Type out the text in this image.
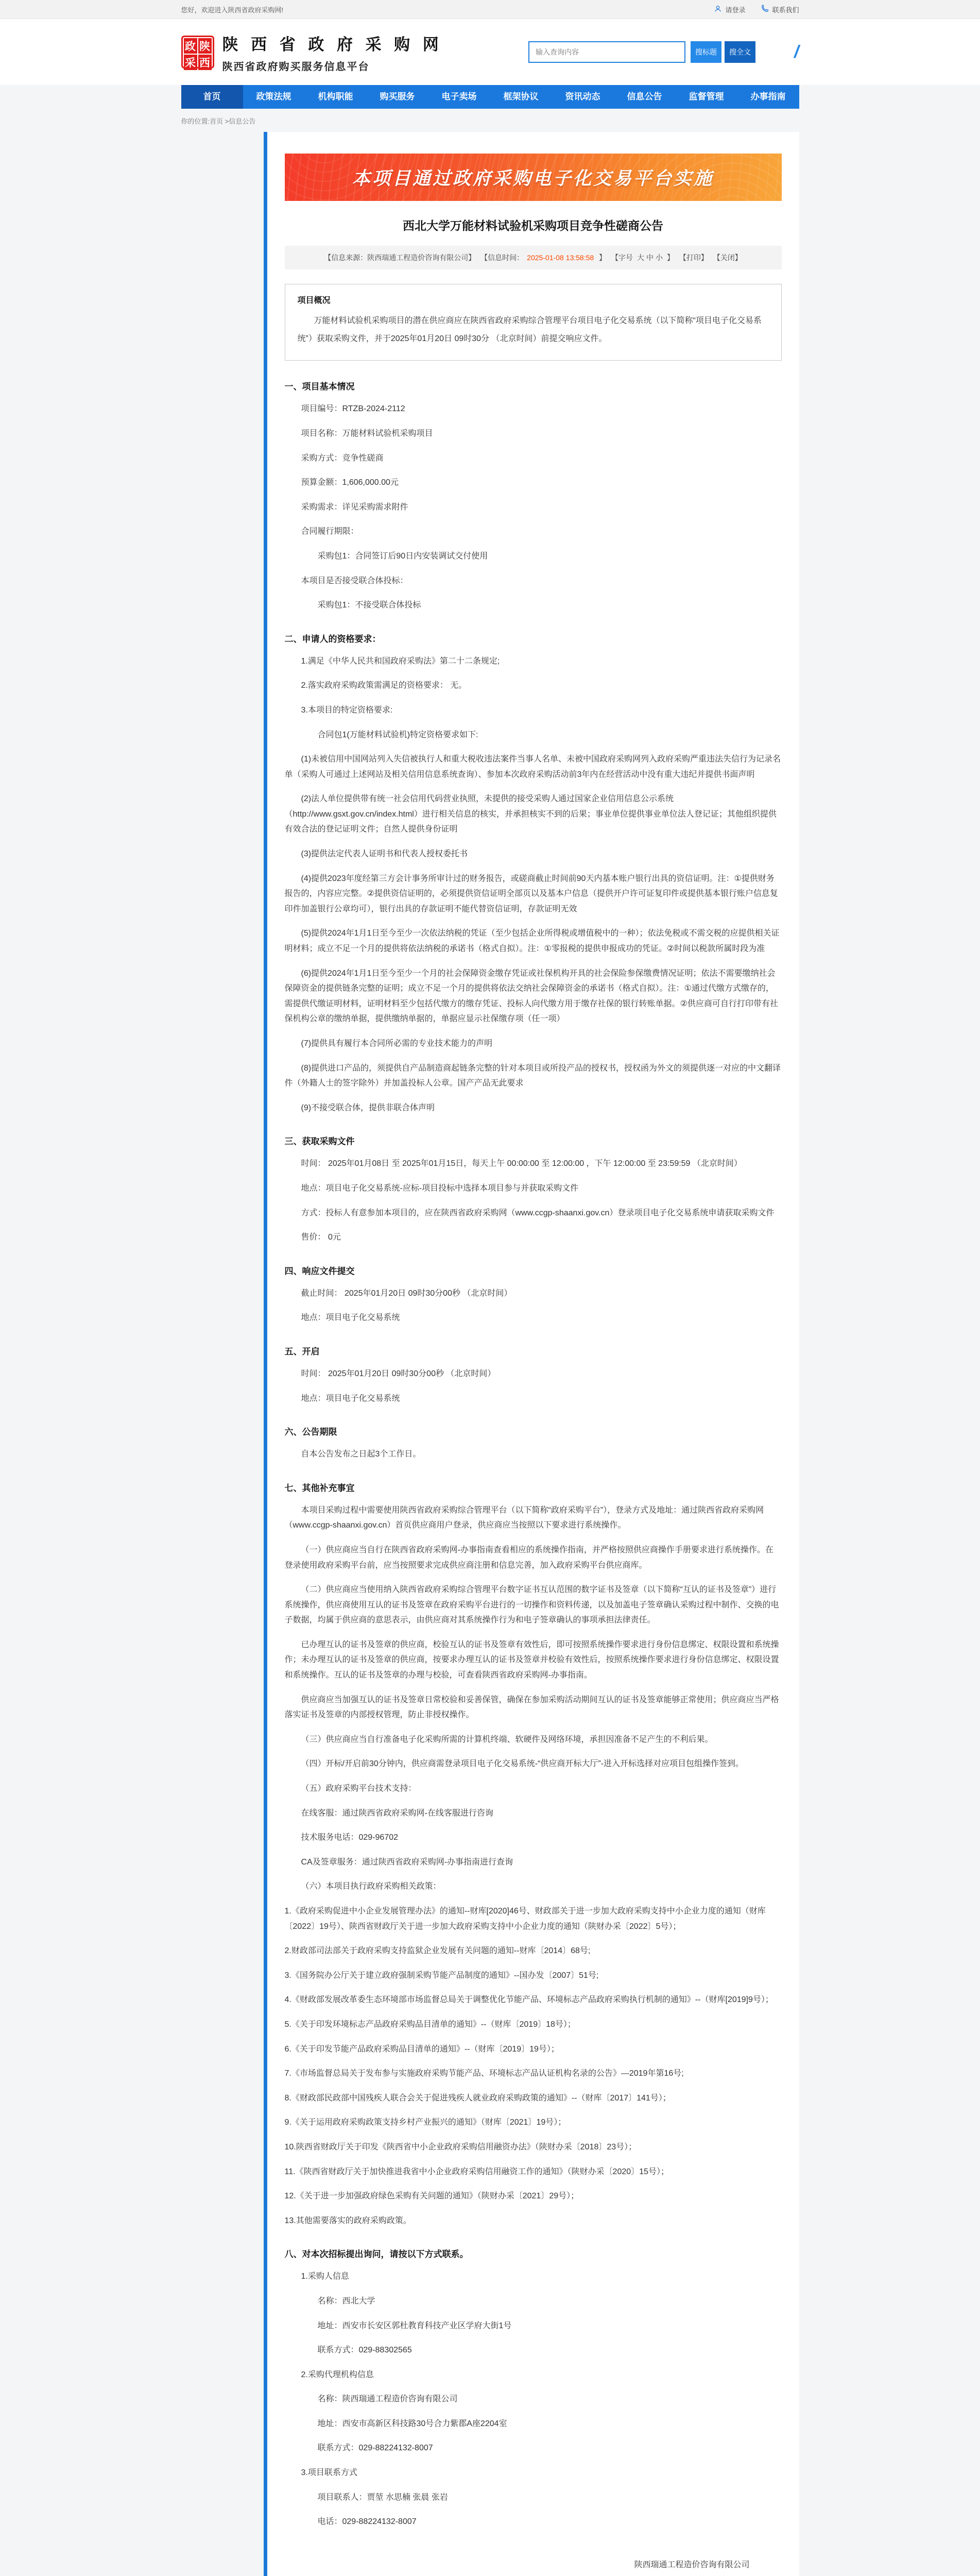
您好，欢迎进入陕西省政府采购网!	请登录	联系我们
政 陕
采 西
陕 西 省 政 府 采 购 网
陕西省政府购买服务信息平台
输入查询内容
搜标题	搜全文 /
首页	政策法规	机构职能	购买服务	电子卖场	框架协议	资讯动态	信息公告	监督管理	办事指南
你的位置:首页 >信息公告
本项目通过政府采购电子化交易平台实施
西北大学万能材料试验机采购项目竞争性磋商公告
【信息来源：陕西瑞通工程造价咨询有限公司】 【信息时间： 2025-01-08 13:58:58 】 【字号 大 中 小 】 【打印】 【关闭】
项目概况
万能材料试验机采购项目的潜在供应商应在陕西省政府采购综合管理平台项目电子化交易系统（以下简称“项目电子化交易系统”）获取采购文件，并于2025年01月20日 09时30分 （北京时间）前提交响应文件。
一、项目基本情况

项目编号：RTZB-2024-2112

项目名称：万能材料试验机采购项目

采购方式：竞争性磋商

预算金额：1,606,000.00元

采购需求：详见采购需求附件

合同履行期限：

采购包1：合同签订后90日内安装调试交付使用

本项目是否接受联合体投标：

采购包1：不接受联合体投标

二、申请人的资格要求：

1.满足《中华人民共和国政府采购法》第二十二条规定;

2.落实政府采购政策需满足的资格要求： 无。

3.本项目的特定资格要求:

合同包1(万能材料试验机)特定资格要求如下:

(1)未被信用中国网站列入失信被执行人和重大税收违法案件当事人名单、未被中国政府采购网列入政府采购严重违法失信行为记录名单（采购人可通过上述网站及相关信用信息系统查询）、参加本次政府采购活动前3年内在经营活动中没有重大违纪并提供书面声明

(2)法人单位提供带有统一社会信用代码营业执照，未提供的接受采购人通过国家企业信用信息公示系统（http://www.gsxt.gov.cn/index.html）进行相关信息的核实，并承担核实不到的后果；事业单位提供事业单位法人登记证；其他组织提供有效合法的登记证明文件；自然人提供身份证明

(3)提供法定代表人证明书和代表人授权委托书

(4)提供2023年度经第三方会计事务所审计过的财务报告，或磋商截止时间前90天内基本账户银行出具的资信证明。注：①提供财务报告的，内容应完整。②提供资信证明的，必须提供资信证明全部页以及基本户信息（提供开户许可证复印件或提供基本银行账户信息复印件加盖银行公章均可），银行出具的存款证明不能代替资信证明，存款证明无效

(5)提供2024年1月1日至今至少一次依法纳税的凭证（至少包括企业所得税或增值税中的一种）；依法免税或不需交税的应提供相关证明材料；成立不足一个月的提供将依法纳税的承诺书（格式自拟）。注：①零报税的提供申报成功的凭证。②时间以税款所属时段为准

(6)提供2024年1月1日至今至少一个月的社会保障资金缴存凭证或社保机构开具的社会保险参保缴费情况证明；依法不需要缴纳社会保障资金的提供链条完整的证明；成立不足一个月的提供将依法交纳社会保障资金的承诺书（格式自拟）。注：①通过代缴方式缴存的，需提供代缴证明材料，证明材料至少包括代缴方的缴存凭证、投标人向代缴方用于缴存社保的银行转账单据。②供应商可自行打印带有社保机构公章的缴纳单据，提供缴纳单据的，单据应显示社保缴存项（任一项）

(7)提供具有履行本合同所必需的专业技术能力的声明

(8)提供进口产品的，须提供自产品制造商起链条完整的针对本项目或所投产品的授权书，授权函为外文的须提供逐一对应的中文翻译件（外籍人士的签字除外）并加盖投标人公章。国产产品无此要求

(9)不接受联合体，提供非联合体声明

三、获取采购文件

时间： 2025年01月08日 至 2025年01月15日，每天上午 00:00:00 至 12:00:00 ，下午 12:00:00 至 23:59:59 （北京时间）

地点：项目电子化交易系统-应标-项目投标中选择本项目参与并获取采购文件

方式：投标人有意参加本项目的，应在陕西省政府采购网（www.ccgp-shaanxi.gov.cn）登录项目电子化交易系统申请获取采购文件

售价： 0元

四、响应文件提交

截止时间： 2025年01月20日 09时30分00秒 （北京时间）

地点：项目电子化交易系统

五、开启

时间： 2025年01月20日 09时30分00秒 （北京时间）

地点：项目电子化交易系统

六、公告期限

自本公告发布之日起3个工作日。

七、其他补充事宜

本项目采购过程中需要使用陕西省政府采购综合管理平台（以下简称“政府采购平台”），登录方式及地址：通过陕西省政府采购网（www.ccgp-shaanxi.gov.cn）首页供应商用户登录，供应商应当按照以下要求进行系统操作。

（一）供应商应当自行在陕西省政府采购网-办事指南查看相应的系统操作指南，并严格按照供应商操作手册要求进行系统操作。在登录使用政府采购平台前，应当按照要求完成供应商注册和信息完善，加入政府采购平台供应商库。

（二）供应商应当使用纳入陕西省政府采购综合管理平台数字证书互认范围的数字证书及签章（以下简称“互认的证书及签章”）进行系统操作，供应商使用互认的证书及签章在政府采购平台进行的一切操作和资料传递，以及加盖电子签章确认采购过程中制作、交换的电子数据，均属于供应商的意思表示，由供应商对其系统操作行为和电子签章确认的事项承担法律责任。

已办理互认的证书及签章的供应商，校验互认的证书及签章有效性后，即可按照系统操作要求进行身份信息绑定、权限设置和系统操作；未办理互认的证书及签章的供应商，按要求办理互认的证书及签章并校验有效性后，按照系统操作要求进行身份信息绑定、权限设置和系统操作。互认的证书及签章的办理与校验，可查看陕西省政府采购网-办事指南。

供应商应当加强互认的证书及签章日常校验和妥善保管，确保在参加采购活动期间互认的证书及签章能够正常使用；供应商应当严格落实证书及签章的内部授权管理，防止非授权操作。

（三）供应商应当自行准备电子化采购所需的计算机终端、软硬件及网络环境，承担因准备不足产生的不利后果。

（四）开标/开启前30分钟内，供应商需登录项目电子化交易系统-“供应商开标大厅”-进入开标选择对应项目包组操作签到。

（五）政府采购平台技术支持：

在线客服：通过陕西省政府采购网-在线客服进行咨询

技术服务电话：029-96702

CA及签章服务：通过陕西省政府采购网-办事指南进行查询

（六）本项目执行政府采购相关政策：

1.《政府采购促进中小企业发展管理办法》的通知--财库[2020]46号、财政部关于进一步加大政府采购支持中小企业力度的通知（财库〔2022〕19号）、陕西省财政厅关于进一步加大政府采购支持中小企业力度的通知（陕财办采〔2022〕5号）；

2.财政部司法部关于政府采购支持监狱企业发展有关问题的通知--财库〔2014〕68号;

3.《国务院办公厅关于建立政府强制采购节能产品制度的通知》--国办发〔2007〕51号;

4.《财政部发展改革委生态环境部市场监督总局关于调整优化节能产品、环境标志产品政府采购执行机制的通知》--（财库[2019]9号）；

5.《关于印发环境标志产品政府采购品目清单的通知》--（财库〔2019〕18号）；

6.《关于印发节能产品政府采购品目清单的通知》--（财库〔2019〕19号）；

7.《市场监督总局关于发布参与实施政府采购节能产品、环境标志产品认证机构名录的公告》—2019年第16号;

8.《财政部民政部中国残疾人联合会关于促进残疾人就业政府采购政策的通知》--（财库〔2017〕141号）；

9.《关于运用政府采购政策支持乡村产业振兴的通知》（财库〔2021〕19号）；

10.陕西省财政厅关于印发《陕西省中小企业政府采购信用融资办法》（陕财办采〔2018〕23号）；

11.《陕西省财政厅关于加快推进我省中小企业政府采购信用融资工作的通知》（陕财办采〔2020〕15号）；

12.《关于进一步加强政府绿色采购有关问题的通知》（陕财办采〔2021〕29号）；

13.其他需要落实的政府采购政策。

八、对本次招标提出询问，请按以下方式联系。

1.采购人信息

名称：西北大学

地址：西安市长安区郭杜教育科技产业区学府大街1号

联系方式：029-88302565

2.采购代理机构信息

名称：陕西瑞通工程造价咨询有限公司

地址：西安市高新区科技路30号合力紫郡A座2204室

联系方式：029-88224132-8007

3.项目联系方式

项目联系人：贾堃 水思楠 张晨 张岩

电话：029-88224132-8007

陕西瑞通工程造价咨询有限公司
